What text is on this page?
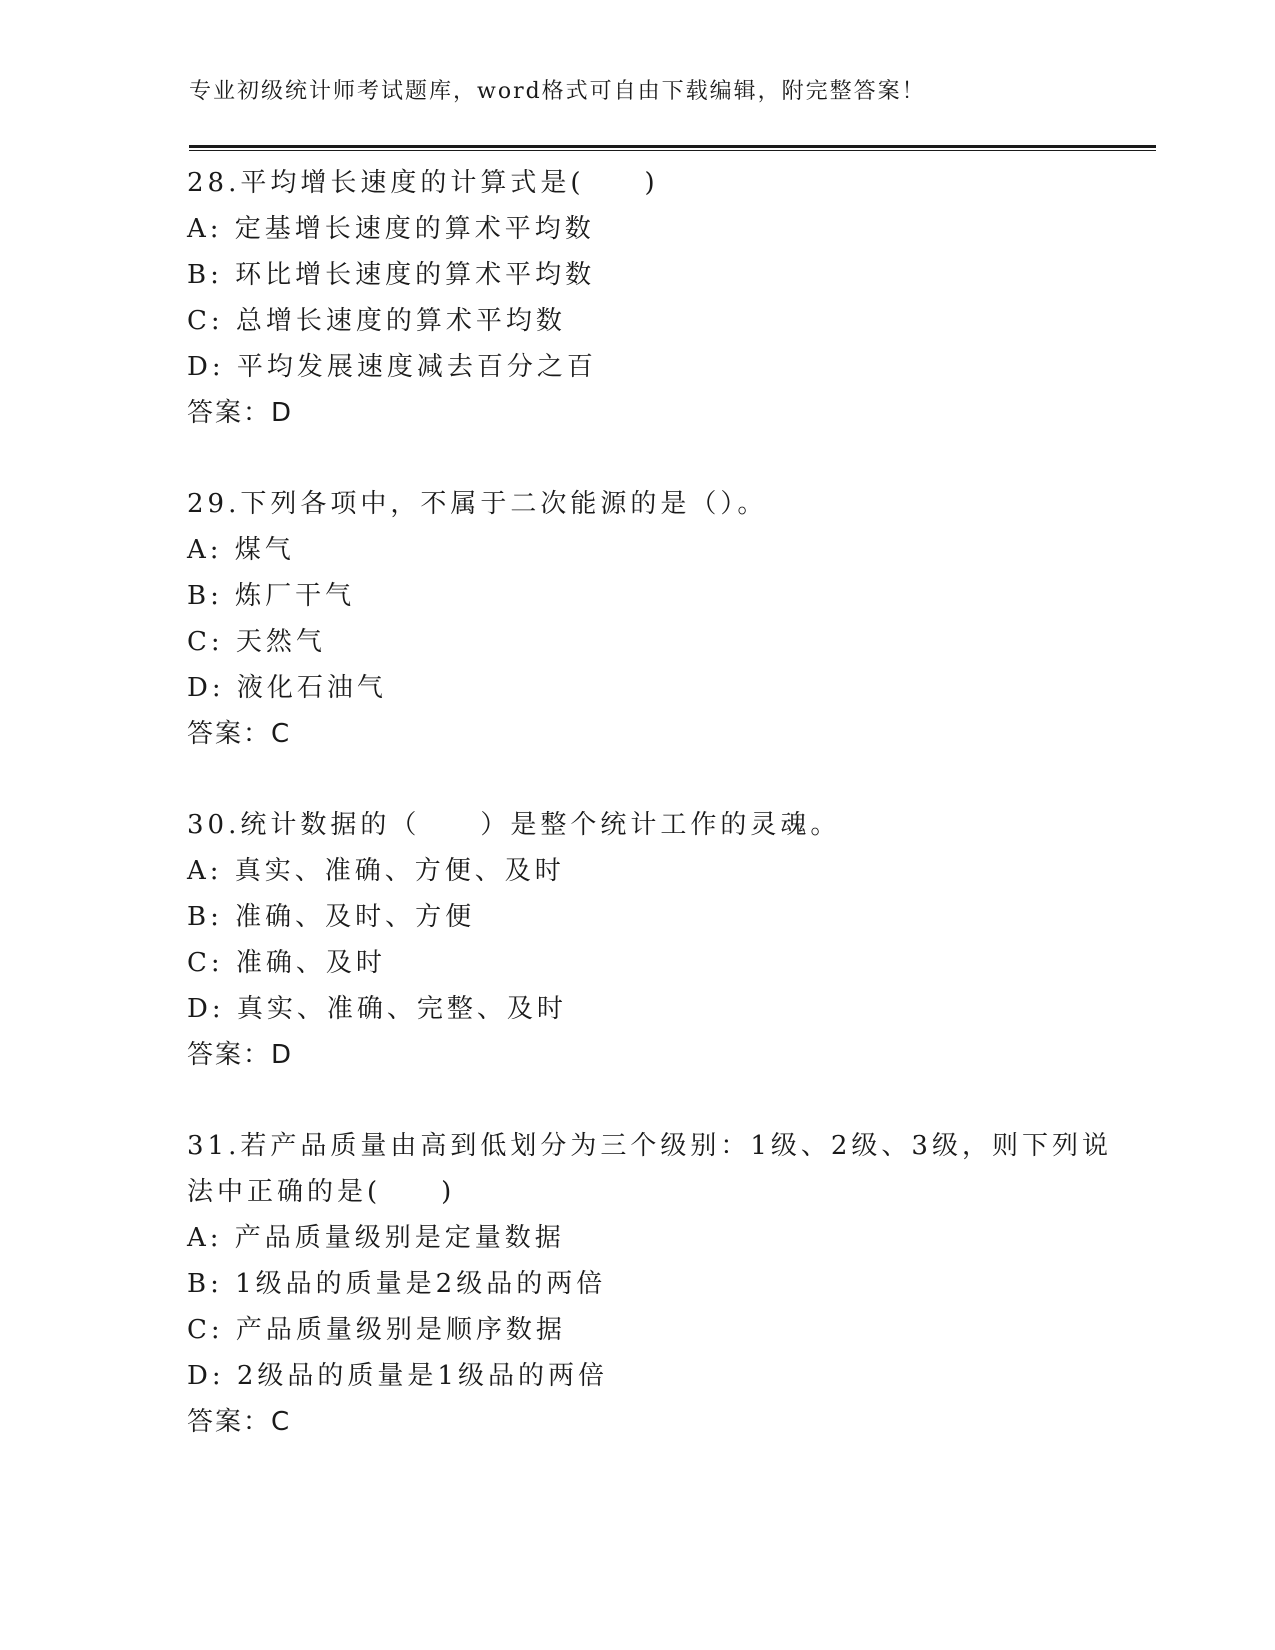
专业初级统计师考试题库，word格式可自由下载编辑，附完整答案！
28.平均增长速度的计算式是(　　)
A: 定基增长速度的算术平均数
B: 环比增长速度的算术平均数
C: 总增长速度的算术平均数
D: 平均发展速度减去百分之百
答案：D
29.下列各项中，不属于二次能源的是（）。
A: 煤气
B: 炼厂干气
C: 天然气
D: 液化石油气
答案：C
30.统计数据的（　　）是整个统计工作的灵魂。
A: 真实、准确、方便、及时
B: 准确、及时、方便
C: 准确、及时
D: 真实、准确、完整、及时
答案：D
31.若产品质量由高到低划分为三个级别：1级、2级、3级，则下列说
法中正确的是(　　)
A: 产品质量级别是定量数据
B: 1级品的质量是2级品的两倍
C: 产品质量级别是顺序数据
D: 2级品的质量是1级品的两倍
答案：C
